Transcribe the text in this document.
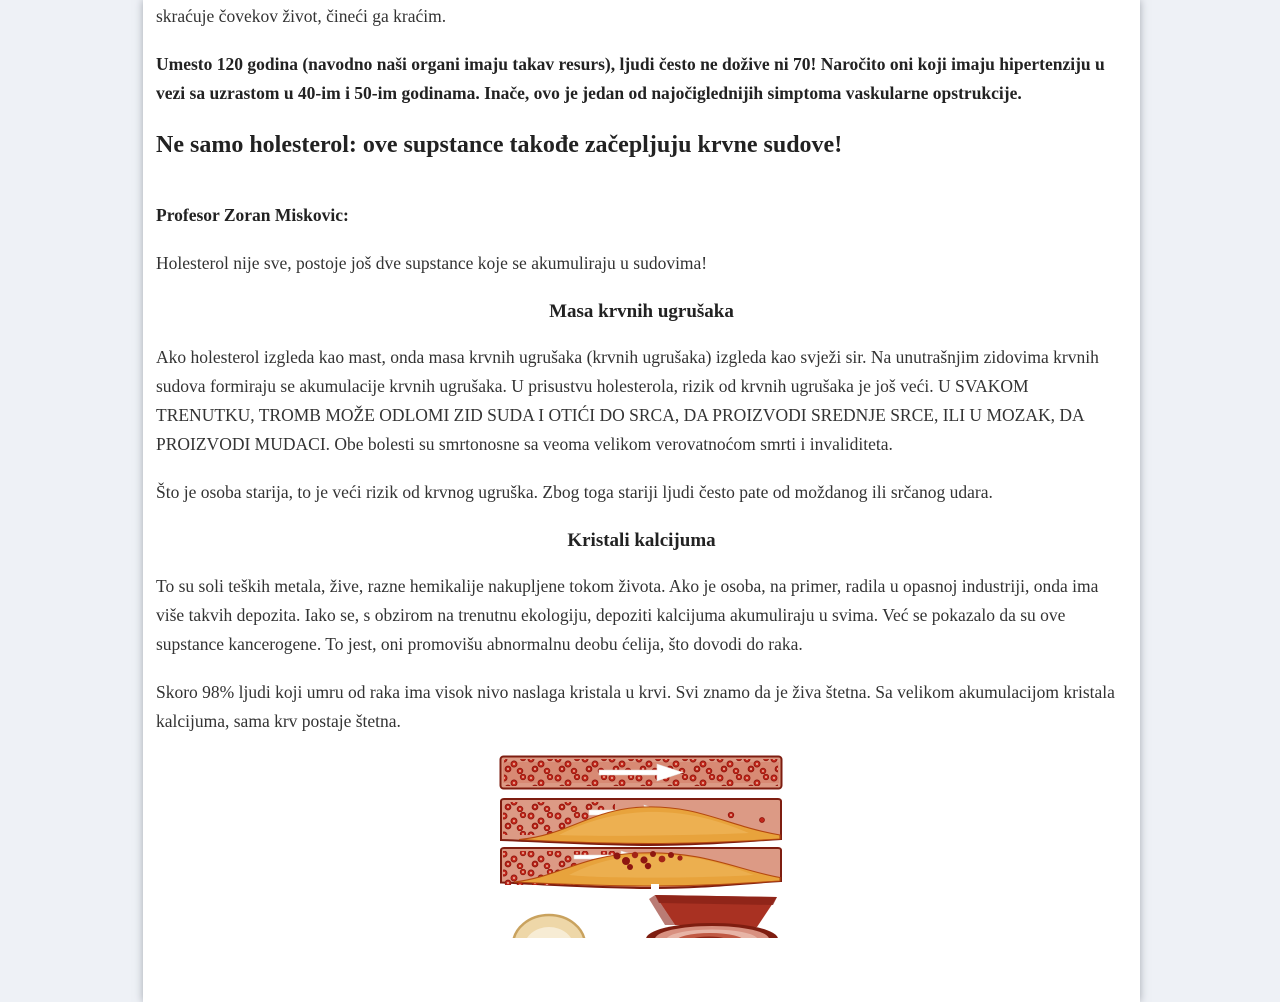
skraćuje čovekov život, čineći ga kraćim.

Umesto 120 godina (navodno naši organi imaju takav resurs), ljudi često ne dožive ni 70! Naročito oni koji imaju hipertenziju u vezi sa uzrastom u 40-im i 50-im godinama. Inače, ovo je jedan od najočiglednijih simptoma vaskularne opstrukcije.

Ne samo holesterol: ove supstance takođe začepljuju krvne sudove!

Profesor Zoran Miskovic:

Holesterol nije sve, postoje još dve supstance koje se akumuliraju u sudovima!

Masa krvnih ugrušaka

Ako holesterol izgleda kao mast, onda masa krvnih ugrušaka (krvnih ugrušaka) izgleda kao svježi sir. Na unutrašnjim zidovima krvnih sudova formiraju se akumulacije krvnih ugrušaka. U prisustvu holesterola, rizik od krvnih ugrušaka je još veći. U SVAKOM TRENUTKU, TROMB MOŽE ODLOMI ZID SUDA I OTIĆI DO SRCA, DA PROIZVODI SREDNJE SRCE, ILI U MOZAK, DA PROIZVODI MUDACI. Obe bolesti su smrtonosne sa veoma velikom verovatnoćom smrti i invaliditeta.

Što je osoba starija, to je veći rizik od krvnog ugruška. Zbog toga stariji ljudi često pate od moždanog ili srčanog udara.

Kristali kalcijuma

To su soli teških metala, žive, razne hemikalije nakupljene tokom života. Ako je osoba, na primer, radila u opasnoj industriji, onda ima više takvih depozita. Iako se, s obzirom na trenutnu ekologiju, depoziti kalcijuma akumuliraju u svima. Već se pokazalo da su ove supstance kancerogene. To jest, oni promovišu abnormalnu deobu ćelija, što dovodi do raka.

Skoro 98% ljudi koji umru od raka ima visok nivo naslaga kristala u krvi. Svi znamo da je živa štetna. Sa velikom akumulacijom kristala kalcijuma, sama krv postaje štetna.
